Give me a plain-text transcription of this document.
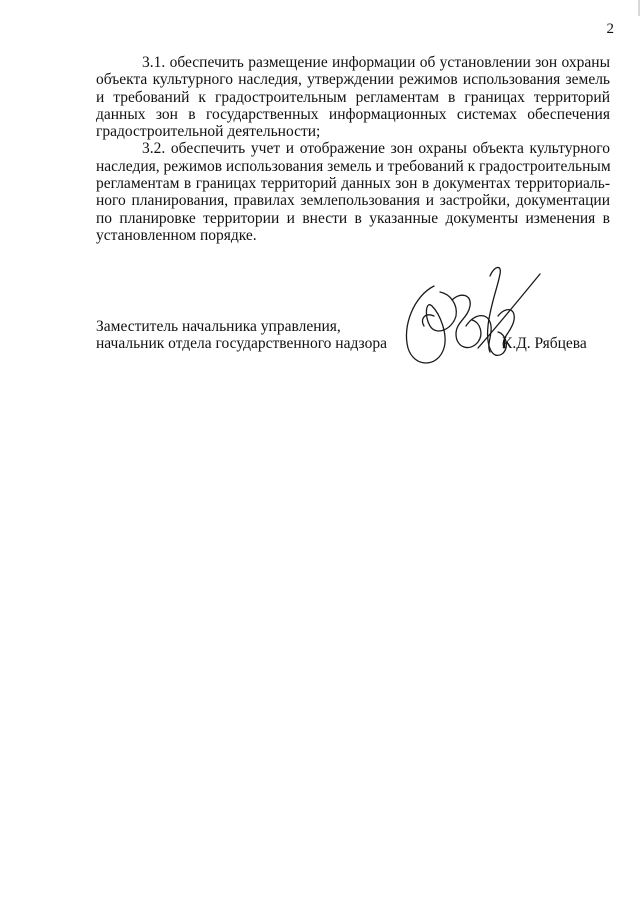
2

3.1. обеспечить размещение информации об установлении зон охраны
объекта культурного наследия, утверждении режимов использования земель
и требований к градостроительным регламентам в границах территорий
данных зон в государственных информационных системах обеспечения
градостроительной деятельности;

3.2. обеспечить учет и отображение зон охраны объекта культурного
наследия, режимов использования земель и требований к градостроительным
регламентам в границах территорий данных зон в документах территориаль-
ного планирования, правилах землепользования и застройки, документации
по планировке территории и внести в указанные документы изменения в
установленном порядке.

Заместитель начальника управления,
начальник отдела государственного надзора	К.Д. Рябцева
